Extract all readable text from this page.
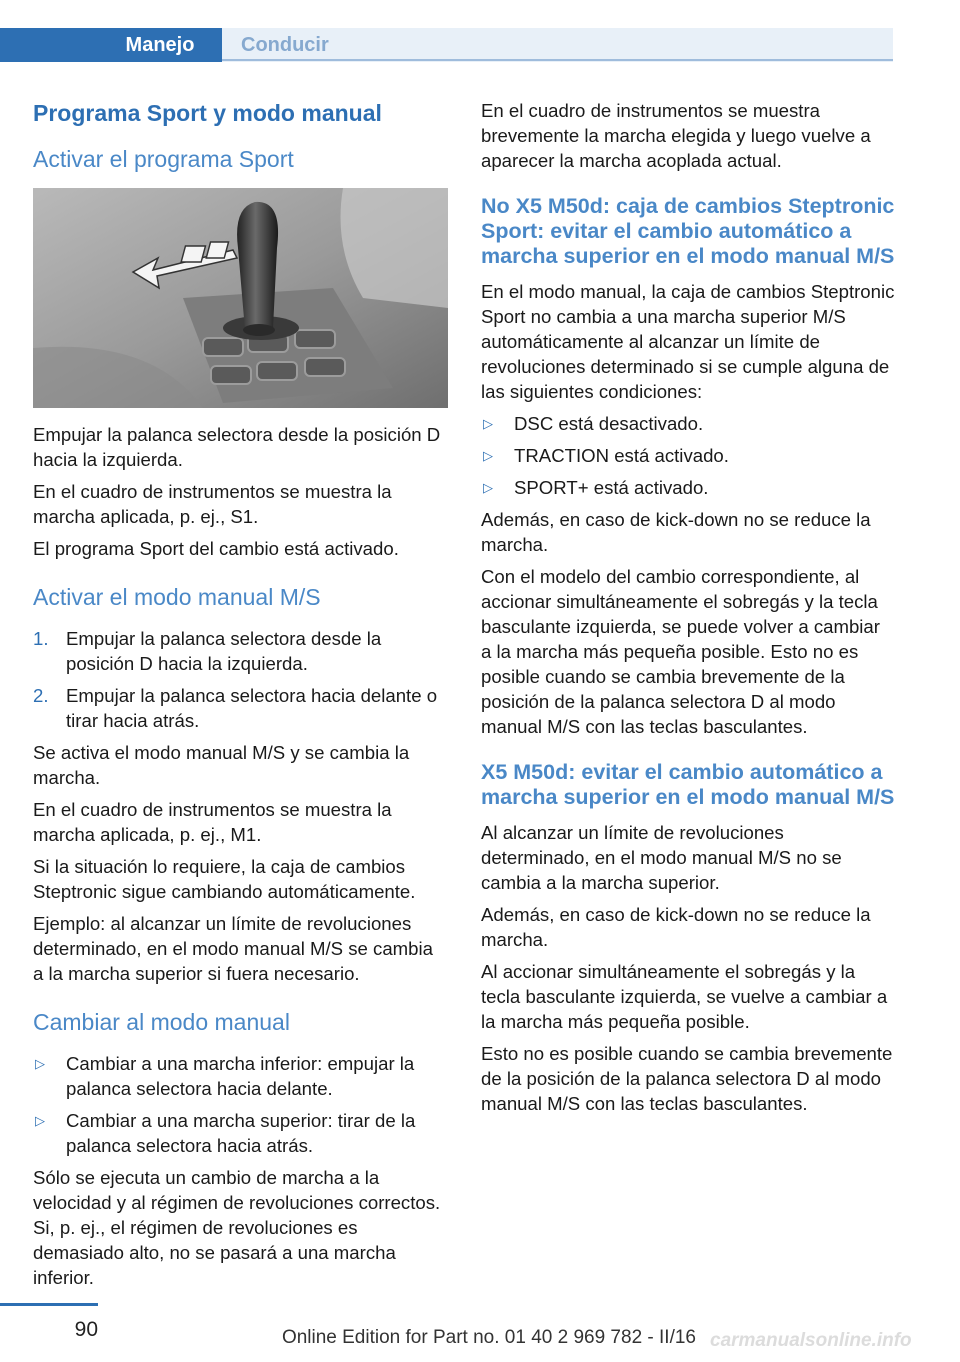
Manejo	Conducir
Programa Sport y modo manual
Activar el programa Sport

Empujar la palanca selectora desde la posición D hacia la izquierda.

En el cuadro de instrumentos se muestra la marcha aplicada, p. ej., S1.

El programa Sport del cambio está activado.

Activar el modo manual M/S
1. Empujar la palanca selectora desde la posición D hacia la izquierda.
2. Empujar la palanca selectora hacia delante o tirar hacia atrás.

Se activa el modo manual M/S y se cambia la marcha.

En el cuadro de instrumentos se muestra la marcha aplicada, p. ej., M1.

Si la situación lo requiere, la caja de cambios Steptronic sigue cambiando automáticamente.

Ejemplo: al alcanzar un límite de revoluciones determinado, en el modo manual M/S se cambia a la marcha superior si fuera necesario.

Cambiar al modo manual
▷ Cambiar a una marcha inferior: empujar la palanca selectora hacia delante.
▷ Cambiar a una marcha superior: tirar de la palanca selectora hacia atrás.

Sólo se ejecuta un cambio de marcha a la velocidad y al régimen de revoluciones correctos. Si, p. ej., el régimen de revoluciones es demasiado alto, no se pasará a una marcha inferior.

En el cuadro de instrumentos se muestra brevemente la marcha elegida y luego vuelve a aparecer la marcha acoplada actual.

No X5 M50d: caja de cambios Steptronic Sport: evitar el cambio automático a marcha superior en el modo manual M/S

En el modo manual, la caja de cambios Steptronic Sport no cambia a una marcha superior M/S automáticamente al alcanzar un límite de revoluciones determinado si se cumple alguna de las siguientes condiciones:

▷ DSC está desactivado.
▷ TRACTION está activado.
▷ SPORT+ está activado.

Además, en caso de kick-down no se reduce la marcha.

Con el modelo del cambio correspondiente, al accionar simultáneamente el sobregás y la tecla basculante izquierda, se puede volver a cambiar a la marcha más pequeña posible. Esto no es posible cuando se cambia brevemente de la posición de la palanca selectora D al modo manual M/S con las teclas basculantes.

X5 M50d: evitar el cambio automático a marcha superior en el modo manual M/S

Al alcanzar un límite de revoluciones determinado, en el modo manual M/S no se cambia a la marcha superior.

Además, en caso de kick-down no se reduce la marcha.

Al accionar simultáneamente el sobregás y la tecla basculante izquierda, se vuelve a cambiar a la marcha más pequeña posible.

Esto no es posible cuando se cambia brevemente de la posición de la palanca selectora D al modo manual M/S con las teclas basculantes.

90	Online Edition for Part no. 01 40 2 969 782 - II/16 carmanualsonline.info
